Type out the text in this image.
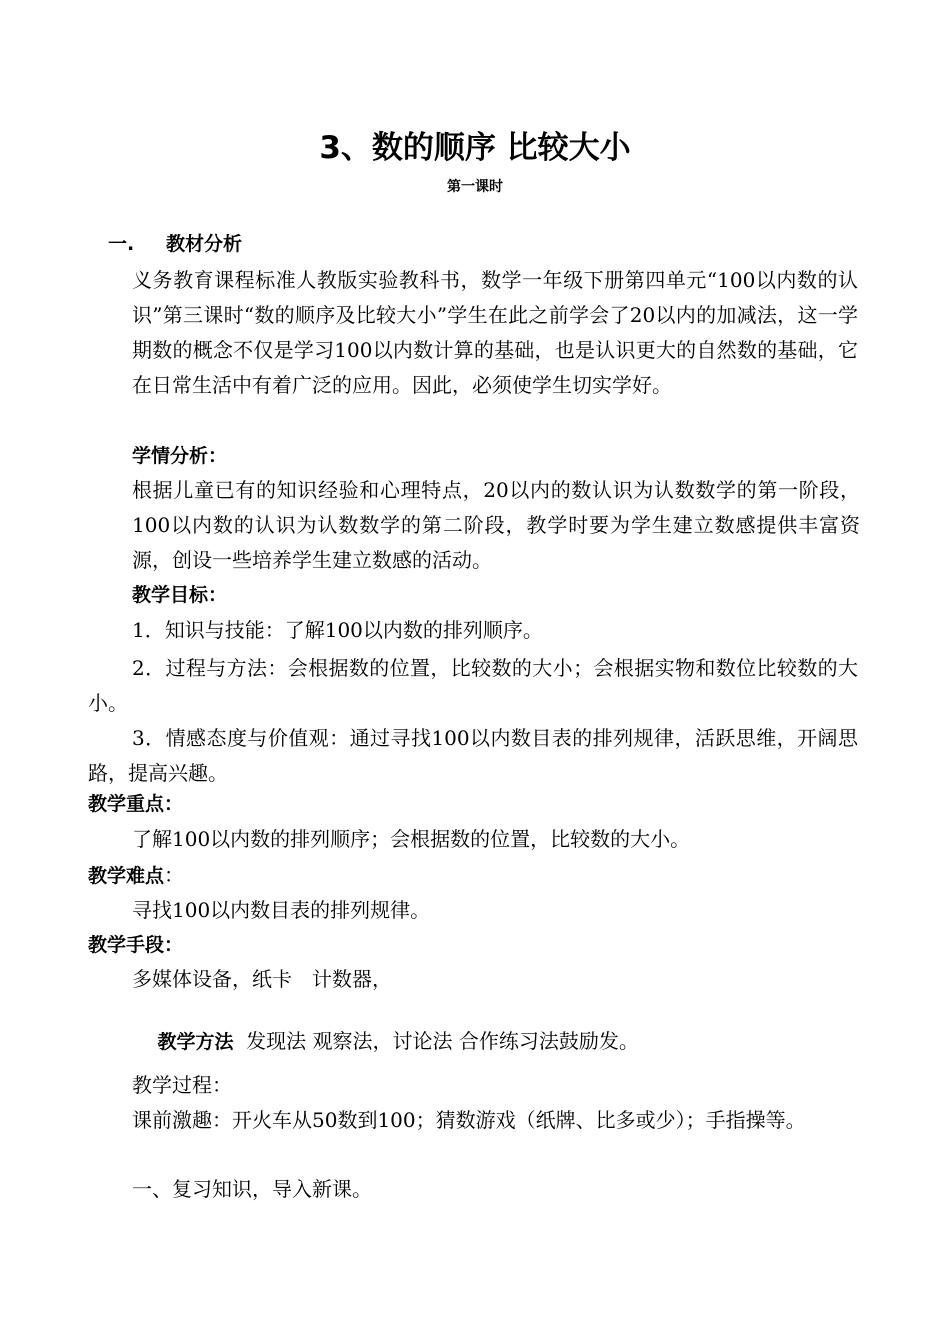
3、数的顺序 比较大小
第一课时
一. 教材分析
义务教育课程标准人教版实验教科书，数学一年级下册第四单元“100以内数的认识”第三课时“数的顺序及比较大小”学生在此之前学会了20以内的加减法，这一学期数的概念不仅是学习100以内数计算的基础，也是认识更大的自然数的基础，它在日常生活中有着广泛的应用。因此，必须使学生切实学好。
学情分析：
根据儿童已有的知识经验和心理特点，20以内的数认识为认数数学的第一阶段，100以内数的认识为认数数学的第二阶段，教学时要为学生建立数感提供丰富资源，创设一些培养学生建立数感的活动。
教学目标：
1．知识与技能：了解100以内数的排列顺序。
2．过程与方法：会根据数的位置，比较数的大小；会根据实物和数位比较数的大小。
3．情感态度与价值观：通过寻找100以内数目表的排列规律，活跃思维，开阔思路，提高兴趣。
教学重点：
了解100以内数的排列顺序；会根据数的位置，比较数的大小。
教学难点：
寻找100以内数目表的排列规律。
教学手段：
多媒体设备，纸卡　计数器，

教学方法  发现法 观察法，讨论法 合作练习法鼓励发。

教学过程：
课前激趣：开火车从50数到100；猜数游戏（纸牌、比多或少）；手指操等。
一、复习知识，导入新课。
